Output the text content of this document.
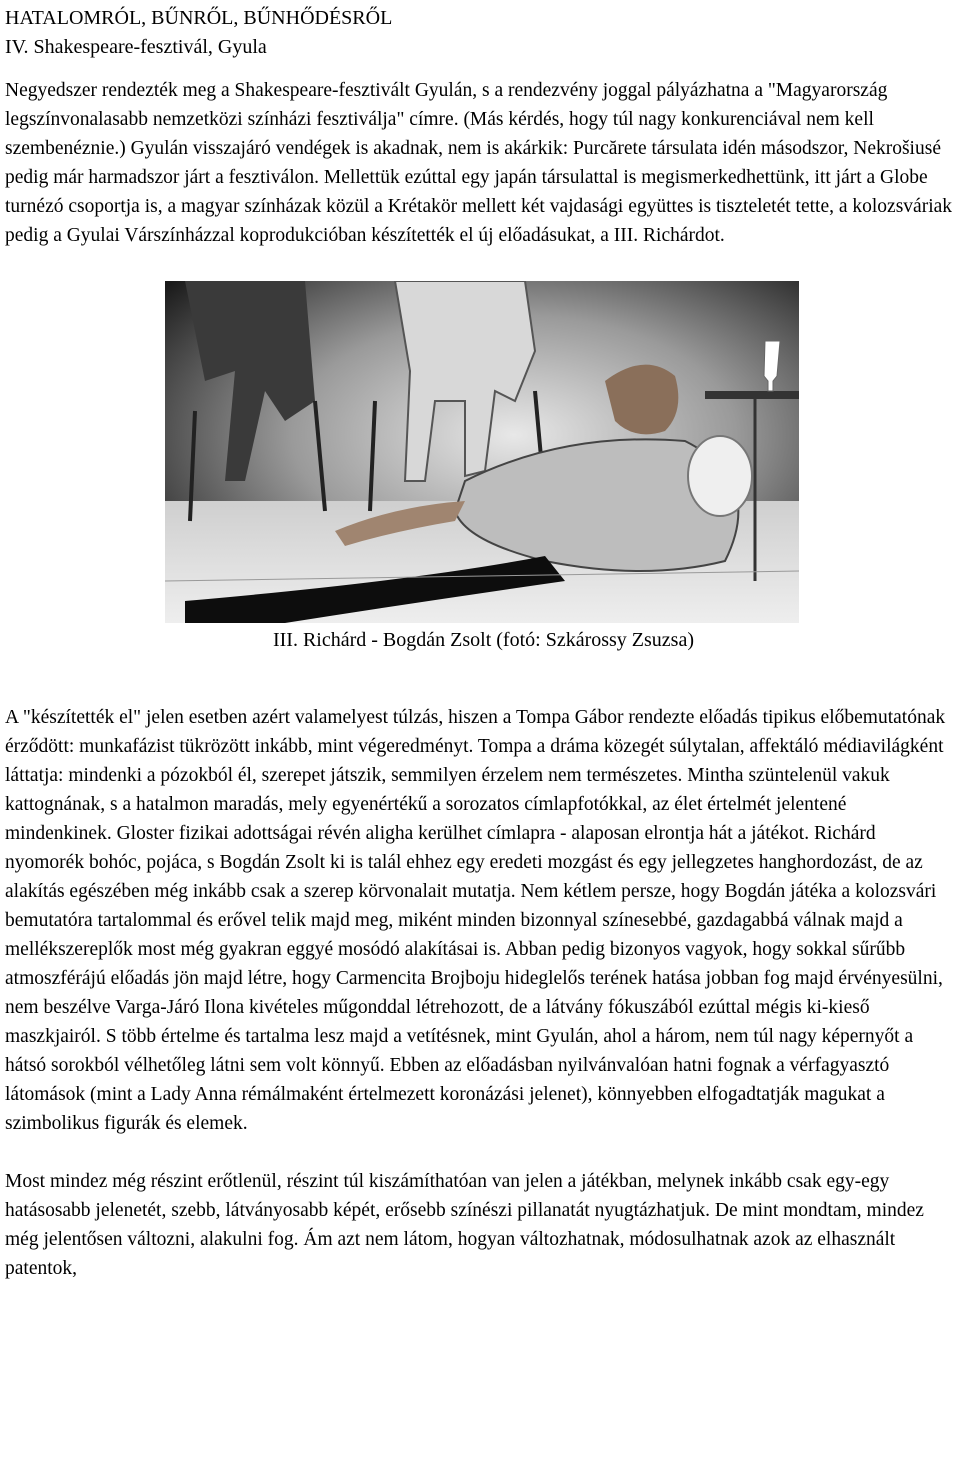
HATALOMRÓL, BŰNRŐL, BŰNHŐDÉSRŐL
IV. Shakespeare-fesztivál, Gyula

Negyedszer rendezték meg a Shakespeare-fesztivált Gyulán, s a rendezvény joggal pályázhatna a "Magyarország legszínvonalasabb nemzetközi színházi fesztiválja" címre. (Más kérdés, hogy túl nagy konkurenciával nem kell szembenéznie.) Gyulán visszajáró vendégek is akadnak, nem is akárkik: Purcărete társulata idén másodszor, Nekrošiusé pedig már harmadszor járt a fesztiválon. Mellettük ezúttal egy japán társulattal is megismerkedhettünk, itt járt a Globe turnézó csoportja is, a magyar színházak közül a Krétakör mellett két vajdasági együttes is tiszteletét tette, a kolozsváriak pedig a Gyulai Várszínházzal koprodukcióban készítették el új előadásukat, a III. Richárdot.

III. Richárd - Bogdán Zsolt (fotó: Szkárossy Zsuzsa)

A "készítették el" jelen esetben azért valamelyest túlzás, hiszen a Tompa Gábor rendezte előadás tipikus előbemutatónak érződött: munkafázist tükrözött inkább, mint végeredményt. Tompa a dráma közegét súlytalan, affektáló médiavilágként láttatja: mindenki a pózokból él, szerepet játszik, semmilyen érzelem nem természetes. Mintha szüntelenül vakuk kattognának, s a hatalmon maradás, mely egyenértékű a sorozatos címlapfotókkal, az élet értelmét jelentené mindenkinek. Gloster fizikai adottságai révén aligha kerülhet címlapra - alaposan elrontja hát a játékot. Richárd nyomorék bohóc, pojáca, s Bogdán Zsolt ki is talál ehhez egy eredeti mozgást és egy jellegzetes hanghordozást, de az alakítás egészében még inkább csak a szerep körvonalait mutatja. Nem kétlem persze, hogy Bogdán játéka a kolozsvári bemutatóra tartalommal és erővel telik majd meg, miként minden bizonnyal színesebbé, gazdagabbá válnak majd a mellékszereplők most még gyakran eggyé mosódó alakításai is. Abban pedig bizonyos vagyok, hogy sokkal sűrűbb atmoszférájú előadás jön majd létre, hogy Carmencita Brojboju hideglelős terének hatása jobban fog majd érvényesülni, nem beszélve Varga-Járó Ilona kivételes műgonddal létrehozott, de a látvány fókuszából ezúttal mégis ki-kieső maszkjairól. S több értelme és tartalma lesz majd a vetítésnek, mint Gyulán, ahol a három, nem túl nagy képernyőt a hátsó sorokból vélhetőleg látni sem volt könnyű. Ebben az előadásban nyilvánvalóan hatni fognak a vérfagyasztó látomások (mint a Lady Anna rémálmaként értelmezett koronázási jelenet), könnyebben elfogadtatják magukat a szimbolikus figurák és elemek.

Most mindez még részint erőtlenül, részint túl kiszámíthatóan van jelen a játékban, melynek inkább csak egy-egy hatásosabb jelenetét, szebb, látványosabb képét, erősebb színészi pillanatát nyugtázhatjuk. De mint mondtam, mindez még jelentősen változni, alakulni fog. Ám azt nem látom, hogyan változhatnak, módosulhatnak azok az elhasznált patentok,
